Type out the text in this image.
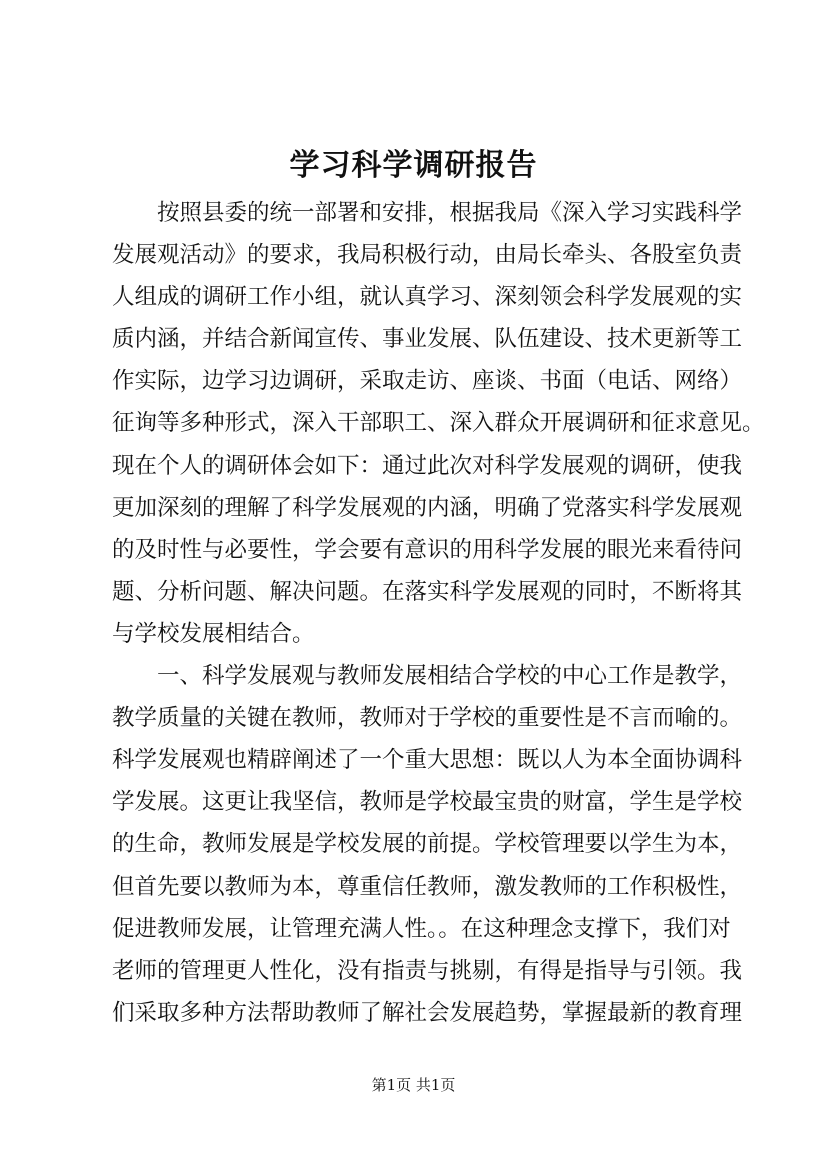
学习科学调研报告
按照县委的统一部署和安排，根据我局《深入学习实践科学
发展观活动》的要求，我局积极行动，由局长牵头、各股室负责
人组成的调研工作小组，就认真学习、深刻领会科学发展观的实
质内涵，并结合新闻宣传、事业发展、队伍建设、技术更新等工
作实际，边学习边调研，采取走访、座谈、书面（电话、网络）
征询等多种形式，深入干部职工、深入群众开展调研和征求意见。
现在个人的调研体会如下：通过此次对科学发展观的调研，使我
更加深刻的理解了科学发展观的内涵，明确了党落实科学发展观
的及时性与必要性，学会要有意识的用科学发展的眼光来看待问
题、分析问题、解决问题。在落实科学发展观的同时，不断将其
与学校发展相结合。
一、科学发展观与教师发展相结合学校的中心工作是教学，
教学质量的关键在教师，教师对于学校的重要性是不言而喻的。
科学发展观也精辟阐述了一个重大思想：既以人为本全面协调科
学发展。这更让我坚信，教师是学校最宝贵的财富，学生是学校
的生命，教师发展是学校发展的前提。学校管理要以学生为本，
但首先要以教师为本，尊重信任教师，激发教师的工作积极性，
促进教师发展，让管理充满人性。。在这种理念支撑下，我们对
老师的管理更人性化，没有指责与挑剔，有得是指导与引领。我
们采取多种方法帮助教师了解社会发展趋势，掌握最新的教育理
第1页 共1页
